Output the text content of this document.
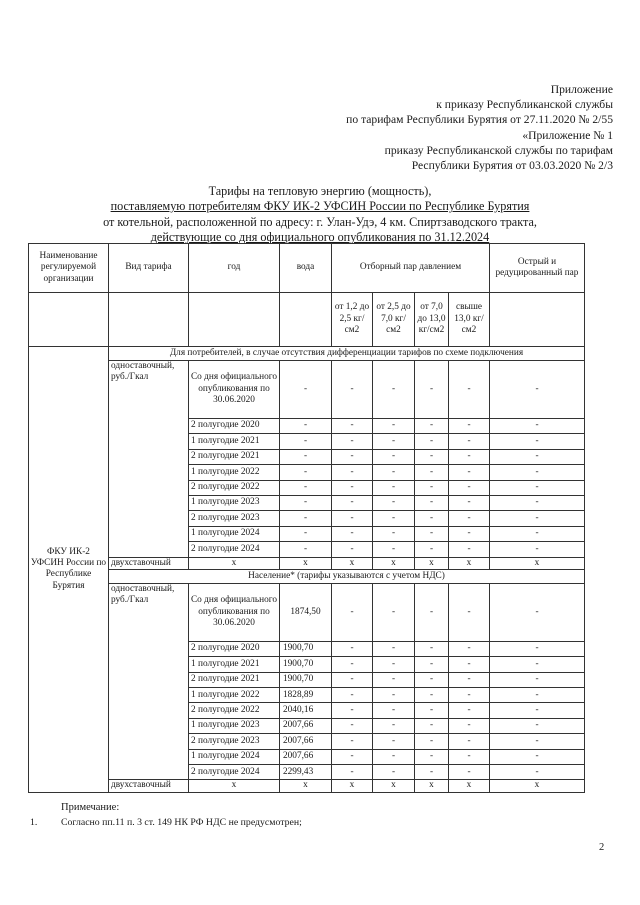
Приложение
к приказу Республиканской службы
по тарифам Республики Бурятия от 27.11.2020 № 2/55
«Приложение № 1
приказу Республиканской службы по тарифам
Республики Бурятия от 03.03.2020 № 2/3
Тарифы на тепловую энергию (мощность),
поставляемую потребителям ФКУ ИК-2 УФСИН России по Республике Бурятия
от котельной, расположенной по адресу: г. Улан-Удэ, 4 км. Спиртзаводского тракта,
действующие со дня официального опубликования по 31.12.2024
Наименование регулируемой организации	Вид тарифа	год	вода	Отборный пар давлением				Острый и редуцированный пар
				от 1,2 до 2,5 кг/см2	от 2,5 до 7,0 кг/см2	от 7,0 до 13,0 кг/см2	свыше 13,0 кг/см2	
ФКУ ИК-2 УФСИН России по Республике Бурятия	Для потребителей, в случае отсутствия дифференциации тарифов по схеме подключения							
	одноставочный, руб./Гкал	Со дня официального опубликования по 30.06.2020	-	-	-	-	-	-
		2 полугодие 2020	-	-	-	-	-	-
		1 полугодие 2021	-	-	-	-	-	-
		2 полугодие 2021	-	-	-	-	-	-
		1 полугодие 2022	-	-	-	-	-	-
		2 полугодие 2022	-	-	-	-	-	-
		1 полугодие 2023	-	-	-	-	-	-
		2 полугодие 2023	-	-	-	-	-	-
		1 полугодие 2024	-	-	-	-	-	-
		2 полугодие 2024	-	-	-	-	-	-
	двухставочный	x	x	x	x	x	x	x
	Население* (тарифы указываются с учетом НДС)							
	одноставочный, руб./Гкал	Со дня официального опубликования по 30.06.2020	1874,50	-	-	-	-	-
		2 полугодие 2020	1900,70	-	-	-	-	-
		1 полугодие 2021	1900,70	-	-	-	-	-
		2 полугодие 2021	1900,70	-	-	-	-	-
		1 полугодие 2022	1828,89	-	-	-	-	-
		2 полугодие 2022	2040,16	-	-	-	-	-
		1 полугодие 2023	2007,66	-	-	-	-	-
		2 полугодие 2023	2007,66	-	-	-	-	-
		1 полугодие 2024	2007,66	-	-	-	-	-
		2 полугодие 2024	2299,43	-	-	-	-	-
	двухставочный	x	x	x	x	x	x	x
Примечание:
1. Согласно пп.11 п. 3 ст. 149 НК РФ НДС не предусмотрен;
2
